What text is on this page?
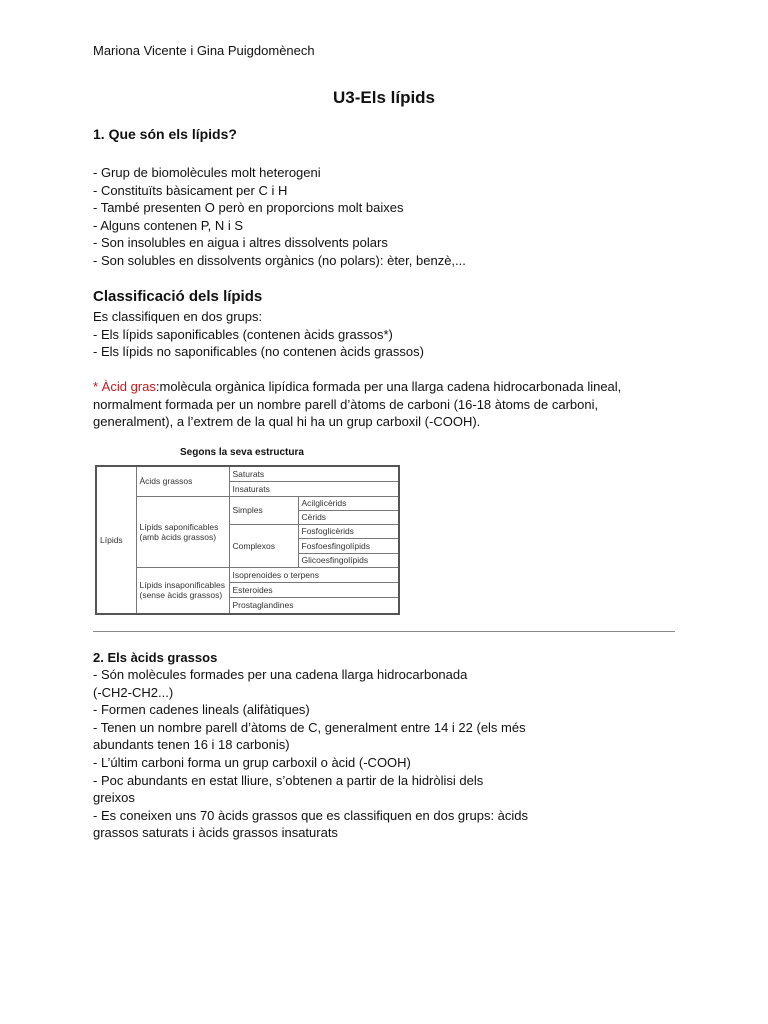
Mariona Vicente i Gina Puigdomènech
U3-Els lípids
1. Que són els lípids?
- Grup de biomolècules molt heterogeni
- Constituïts bàsicament per C i H
- També presenten O però en proporcions molt baixes
- Alguns contenen P, N i S
- Son insolubles en aigua i altres dissolvents polars
- Son solubles en dissolvents orgànics (no polars): èter, benzè,...
Classificació dels lípids
Es classifiquen en dos grups:
- Els lípids saponificables (contenen àcids grassos*)
- Els lípids no saponificables (no contenen àcids grassos)
* Àcid gras:molècula orgànica lipídica formada per una llarga cadena hidrocarbonada lineal,
normalment formada per un nombre parell d’àtoms de carboni (16-18 àtoms de carboni,
generalment), a l’extrem de la qual hi ha un grup carboxil (-COOH).
Segons la seva estructura
Lípids	Àcids grassos	Saturats	
		Insaturats	
	Lípids saponificables (amb àcids grassos)	Simples	Acilglicèrids
			Cèrids
		Complexos	Fosfoglicèrids
			Fosfoesfingolípids
			Glicoesfingolípids
	Lípids insaponificables (sense àcids grassos)	Isoprenoides o terpens	
		Esteroides	
		Prostaglandines	
2. Els àcids grassos
- Són molècules formades per una cadena llarga hidrocarbonada
(-CH2-CH2...)
- Formen cadenes lineals (alifàtiques)
- Tenen un nombre parell d’àtoms de C, generalment entre 14 i 22 (els més
abundants tenen 16 i 18 carbonis)
- L’últim carboni forma un grup carboxil o àcid (-COOH)
- Poc abundants en estat lliure, s’obtenen a partir de la hidròlisi dels
greixos
- Es coneixen uns 70 àcids grassos que es classifiquen en dos grups: àcids
grassos saturats i àcids grassos insaturats
